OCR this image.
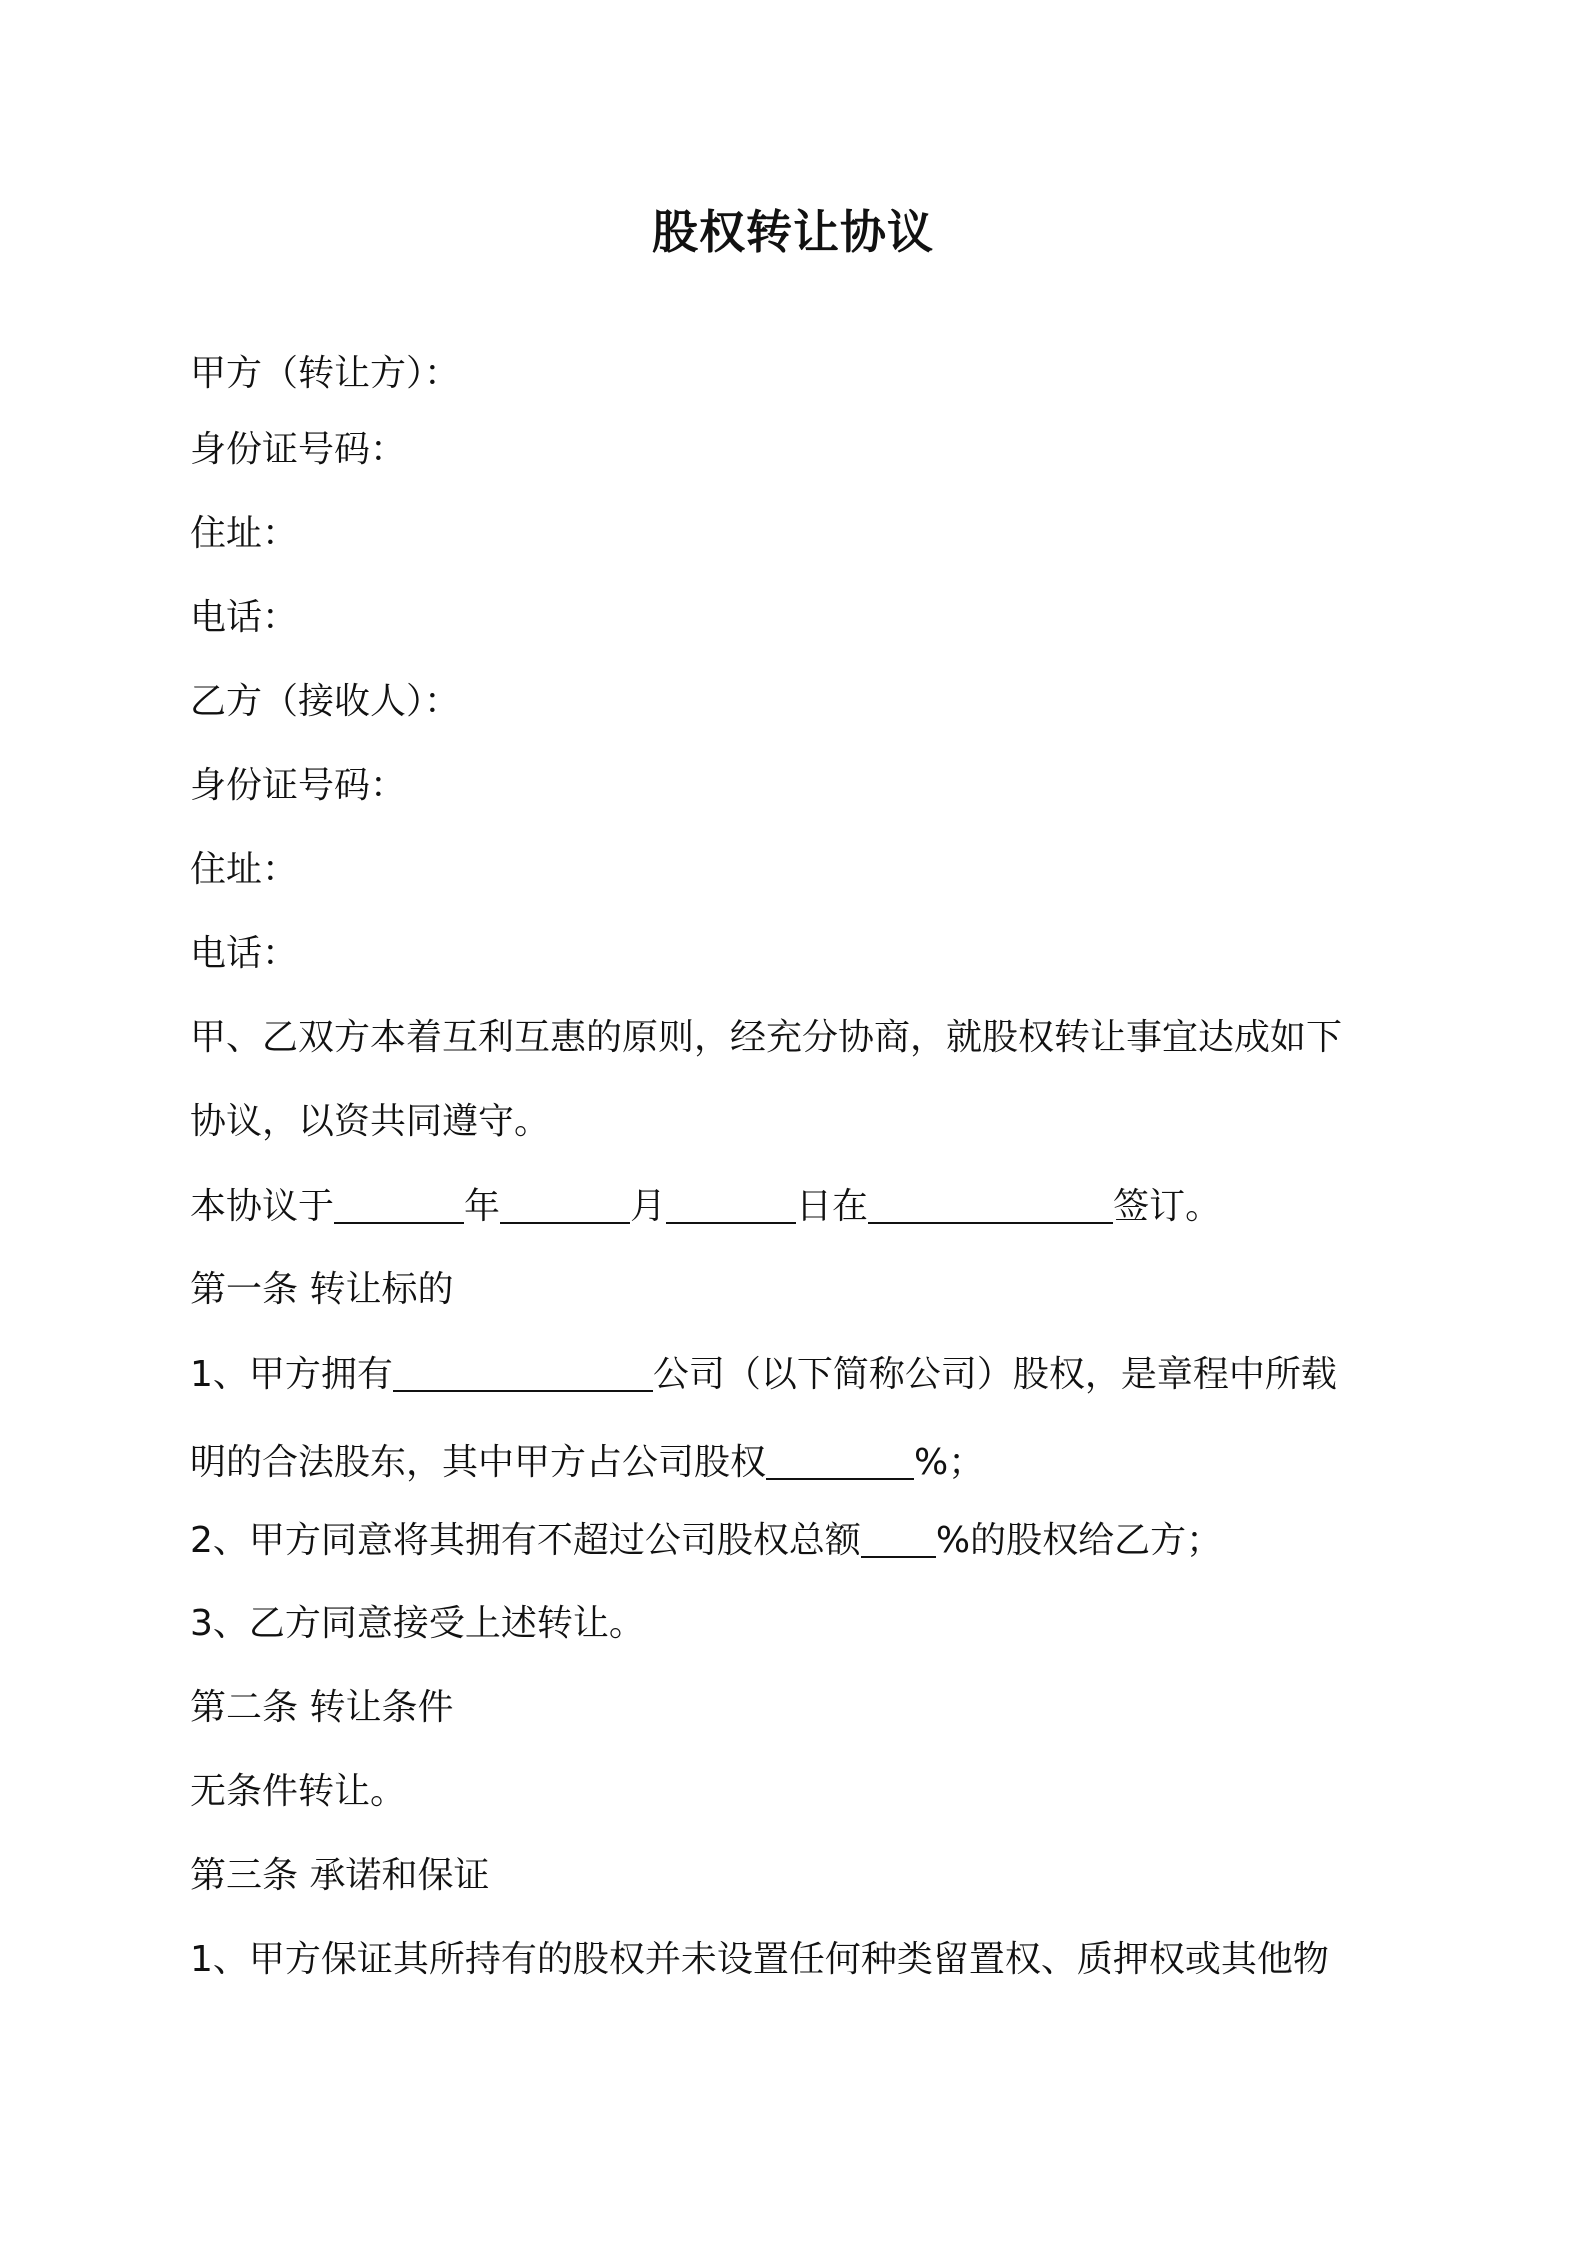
股权转让协议
甲方（转让方）：
身份证号码：
住址：
电话：
乙方（接收人）：
身份证号码：
住址：
电话：
甲、乙双方本着互利互惠的原则，经充分协商，就股权转让事宜达成如下
协议，以资共同遵守。
本协议于	年	月	日在	签订。
第一条 转让标的
1、甲方拥有	公司（以下简称公司）股权，是章程中所载
明的合法股东，其中甲方占公司股权	%；
2、甲方同意将其拥有不超过公司股权总额 %的股权给乙方；
3、乙方同意接受上述转让。
第二条 转让条件
无条件转让。
第三条 承诺和保证
1、甲方保证其所持有的股权并未设置任何种类留置权、质押权或其他物
